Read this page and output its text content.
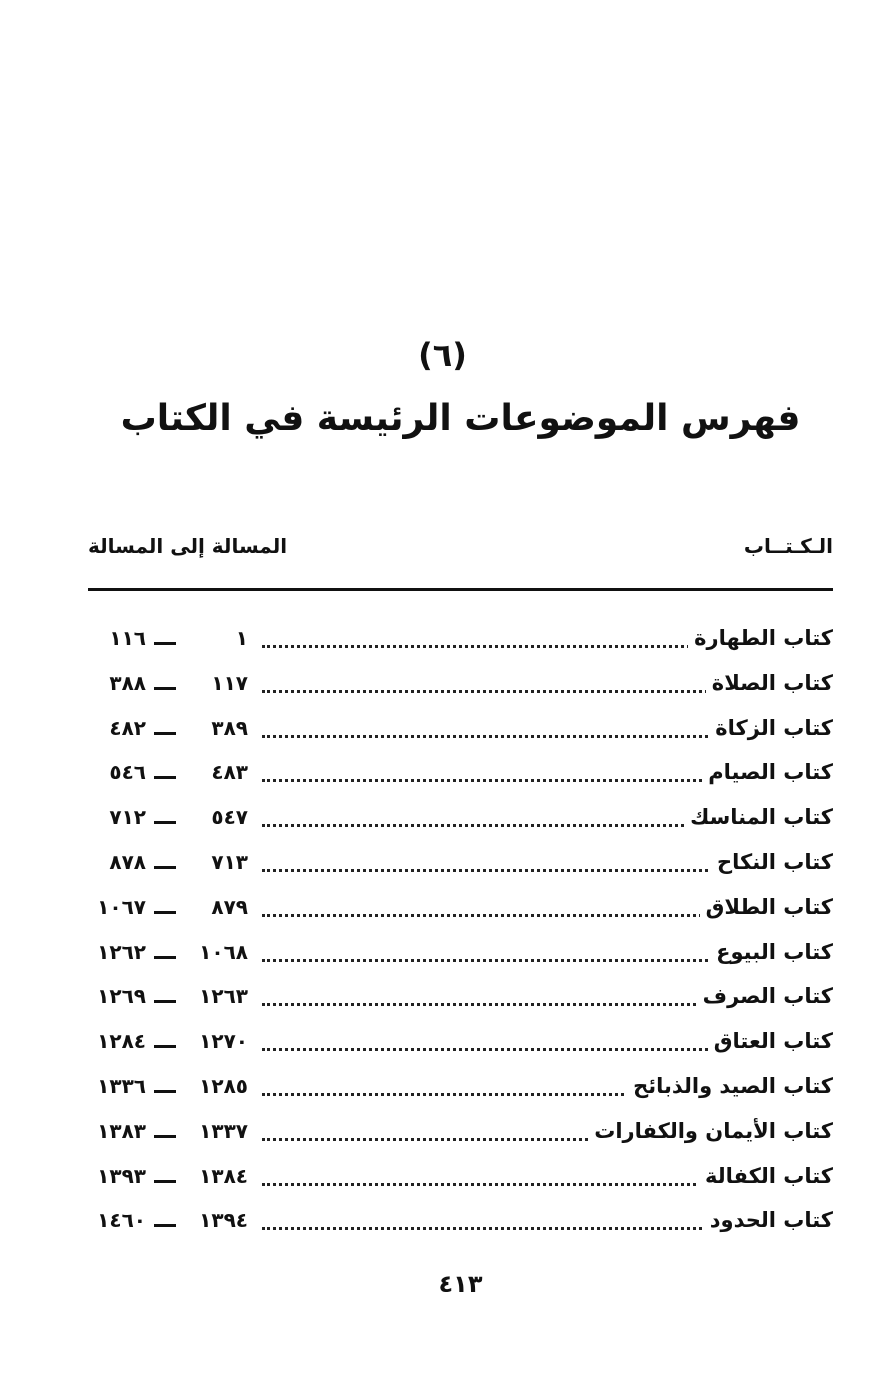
(٦)
فهرس الموضوعات الرئيسة في الكتاب
الـكـتــاب
المسالة إلى المسالة
كتاب الطهارة
١
١١٦
كتاب الصلاة
١١٧
٣٨٨
كتاب الزكاة
٣٨٩
٤٨٢
كتاب الصيام
٤٨٣
٥٤٦
كتاب المناسك
٥٤٧
٧١٢
كتاب النكاح
٧١٣
٨٧٨
كتاب الطلاق
٨٧٩
١٠٦٧
كتاب البيوع
١٠٦٨
١٢٦٢
كتاب الصرف
١٢٦٣
١٢٦٩
كتاب العتاق
١٢٧٠
١٢٨٤
كتاب الصيد والذبائح
١٢٨٥
١٣٣٦
كتاب الأيمان والكفارات
١٣٣٧
١٣٨٣
كتاب الكفالة
١٣٨٤
١٣٩٣
كتاب الحدود
١٣٩٤
١٤٦٠
٤١٣
